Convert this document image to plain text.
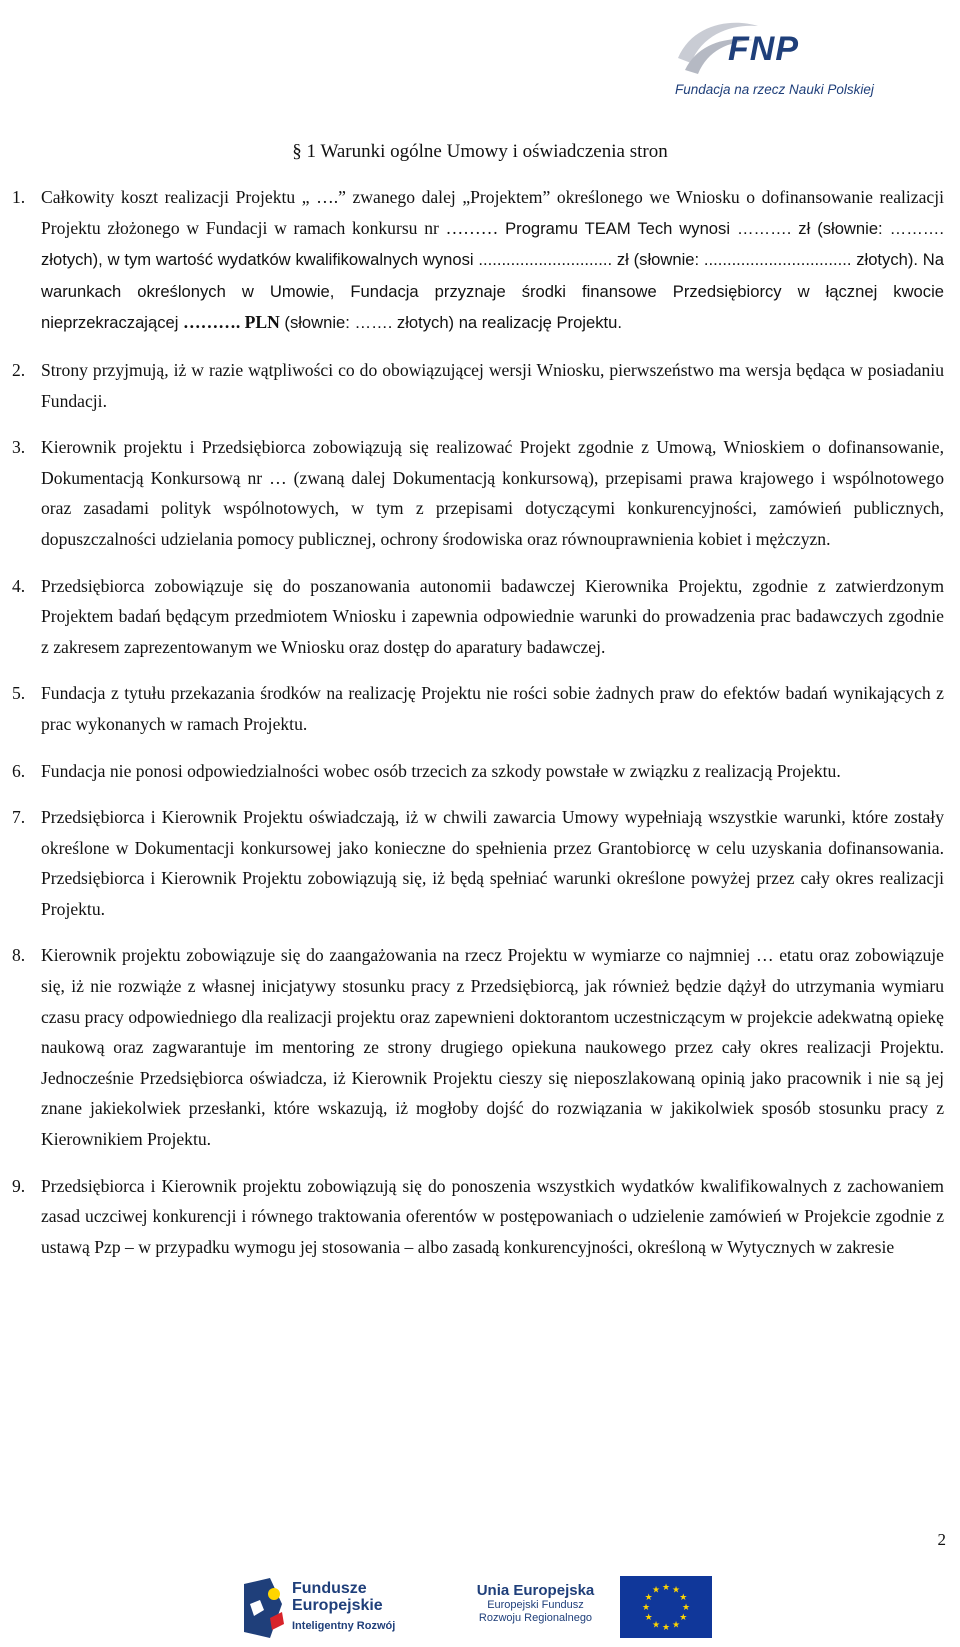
FNP
Fundacja na rzecz Nauki Polskiej
§ 1 Warunki ogólne Umowy i oświadczenia stron
1. Całkowity koszt realizacji Projektu „ ….” zwanego dalej „Projektem” określonego we Wniosku o dofinansowanie realizacji Projektu złożonego w Fundacji w ramach konkursu nr ……… Programu TEAM Tech wynosi ………. zł (słownie: ………. złotych), w tym wartość wydatków kwalifikowalnych wynosi ............................. zł (słownie: ................................ złotych). Na warunkach określonych w Umowie, Fundacja przyznaje środki finansowe Przedsiębiorcy w łącznej kwocie nieprzekraczającej ………. PLN (słownie: ……. złotych) na realizację Projektu.
2. Strony przyjmują, iż w razie wątpliwości co do obowiązującej wersji Wniosku, pierwszeństwo ma wersja będąca w posiadaniu Fundacji.
3. Kierownik projektu i Przedsiębiorca zobowiązują się realizować Projekt zgodnie z Umową, Wnioskiem o dofinansowanie, Dokumentacją Konkursową nr … (zwaną dalej Dokumentacją konkursową), przepisami prawa krajowego i wspólnotowego oraz zasadami polityk wspólnotowych, w tym z przepisami dotyczącymi konkurencyjności, zamówień publicznych, dopuszczalności udzielania pomocy publicznej, ochrony środowiska oraz równouprawnienia kobiet i mężczyzn.
4. Przedsiębiorca zobowiązuje się do poszanowania autonomii badawczej Kierownika Projektu, zgodnie z zatwierdzonym Projektem badań będącym przedmiotem Wniosku i zapewnia odpowiednie warunki do prowadzenia prac badawczych zgodnie z zakresem zaprezentowanym we Wniosku oraz dostęp do aparatury badawczej.
5. Fundacja z tytułu przekazania środków na realizację Projektu nie rości sobie żadnych praw do efektów badań wynikających z prac wykonanych w ramach Projektu.
6. Fundacja nie ponosi odpowiedzialności wobec osób trzecich za szkody powstałe w związku z realizacją Projektu.
7. Przedsiębiorca i Kierownik Projektu oświadczają, iż w chwili zawarcia Umowy wypełniają wszystkie warunki, które zostały określone w Dokumentacji konkursowej jako konieczne do spełnienia przez Grantobiorcę w celu uzyskania dofinansowania. Przedsiębiorca i Kierownik Projektu zobowiązują się, iż będą spełniać warunki określone powyżej przez cały okres realizacji Projektu.
8. Kierownik projektu zobowiązuje się do zaangażowania na rzecz Projektu w wymiarze co najmniej … etatu oraz zobowiązuje się, iż nie rozwiąże z własnej inicjatywy stosunku pracy z Przedsiębiorcą, jak również będzie dążył do utrzymania wymiaru czasu pracy odpowiedniego dla realizacji projektu oraz zapewnieni doktorantom uczestniczącym w projekcie adekwatną opiekę naukową oraz zagwarantuje im mentoring ze strony drugiego opiekuna naukowego przez cały okres realizacji Projektu. Jednocześnie Przedsiębiorca oświadcza, iż Kierownik Projektu cieszy się nieposzlakowaną opinią jako pracownik i nie są jej znane jakiekolwiek przesłanki, które wskazują, iż mogłoby dojść do rozwiązania w jakikolwiek sposób stosunku pracy z Kierownikiem Projektu.
9. Przedsiębiorca i Kierownik projektu zobowiązują się do ponoszenia wszystkich wydatków kwalifikowalnych z zachowaniem zasad uczciwej konkurencji i równego traktowania oferentów w postępowaniach o udzielenie zamówień w Projekcie zgodnie z ustawą Pzp – w przypadku wymogu jej stosowania – albo zasadą konkurencyjności, określoną w Wytycznych w zakresie
2
Fundusze
Europejskie
Inteligentny Rozwój
Unia Europejska
Europejski Fundusz
Rozwoju Regionalnego
★
★
★
★
★
★
★
★
★ ★ ★
★
